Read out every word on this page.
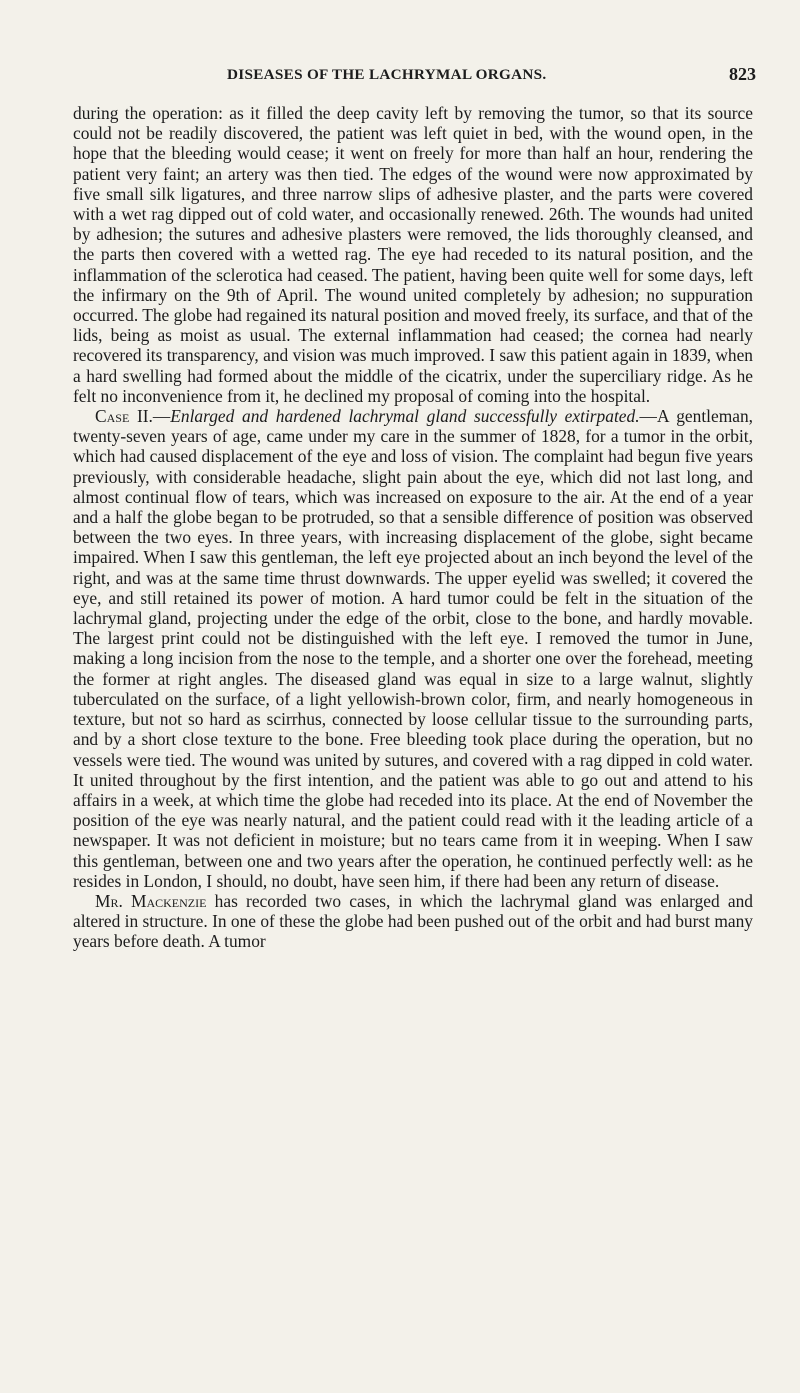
DISEASES OF THE LACHRYMAL ORGANS.	823

during the operation: as it filled the deep cavity left by removing the tumor, so that its source could not be readily discovered, the patient was left quiet in bed, with the wound open, in the hope that the bleeding would cease; it went on freely for more than half an hour, rendering the patient very faint; an artery was then tied. The edges of the wound were now approximated by five small silk ligatures, and three narrow slips of adhesive plaster, and the parts were covered with a wet rag dipped out of cold water, and occasionally renewed. 26th. The wounds had united by adhesion; the sutures and adhesive plasters were removed, the lids thoroughly cleansed, and the parts then covered with a wetted rag. The eye had receded to its natural position, and the inflammation of the sclerotica had ceased. The patient, having been quite well for some days, left the infirmary on the 9th of April. The wound united completely by adhesion; no suppuration occurred. The globe had regained its natural position and moved freely, its surface, and that of the lids, being as moist as usual. The external inflammation had ceased; the cornea had nearly recovered its transparency, and vision was much improved. I saw this patient again in 1839, when a hard swelling had formed about the middle of the cicatrix, under the superciliary ridge. As he felt no inconvenience from it, he declined my proposal of coming into the hospital.

Case II.—Enlarged and hardened lachrymal gland successfully extirpated.—A gentleman, twenty-seven years of age, came under my care in the summer of 1828, for a tumor in the orbit, which had caused displacement of the eye and loss of vision. The complaint had begun five years previously, with considerable headache, slight pain about the eye, which did not last long, and almost continual flow of tears, which was increased on exposure to the air. At the end of a year and a half the globe began to be protruded, so that a sensible difference of position was observed between the two eyes. In three years, with increasing displacement of the globe, sight became impaired. When I saw this gentleman, the left eye projected about an inch beyond the level of the right, and was at the same time thrust downwards. The upper eyelid was swelled; it covered the eye, and still retained its power of motion. A hard tumor could be felt in the situation of the lachrymal gland, projecting under the edge of the orbit, close to the bone, and hardly movable. The largest print could not be distinguished with the left eye. I removed the tumor in June, making a long incision from the nose to the temple, and a shorter one over the forehead, meeting the former at right angles. The diseased gland was equal in size to a large walnut, slightly tuberculated on the surface, of a light yellowish-brown color, firm, and nearly homogeneous in texture, but not so hard as scirrhus, connected by loose cellular tissue to the surrounding parts, and by a short close texture to the bone. Free bleeding took place during the operation, but no vessels were tied. The wound was united by sutures, and covered with a rag dipped in cold water. It united throughout by the first intention, and the patient was able to go out and attend to his affairs in a week, at which time the globe had receded into its place. At the end of November the position of the eye was nearly natural, and the patient could read with it the leading article of a newspaper. It was not deficient in moisture; but no tears came from it in weeping. When I saw this gentleman, between one and two years after the operation, he continued perfectly well: as he resides in London, I should, no doubt, have seen him, if there had been any return of disease.

Mr. Mackenzie has recorded two cases, in which the lachrymal gland was enlarged and altered in structure. In one of these the globe had been pushed out of the orbit and had burst many years before death. A tumor
